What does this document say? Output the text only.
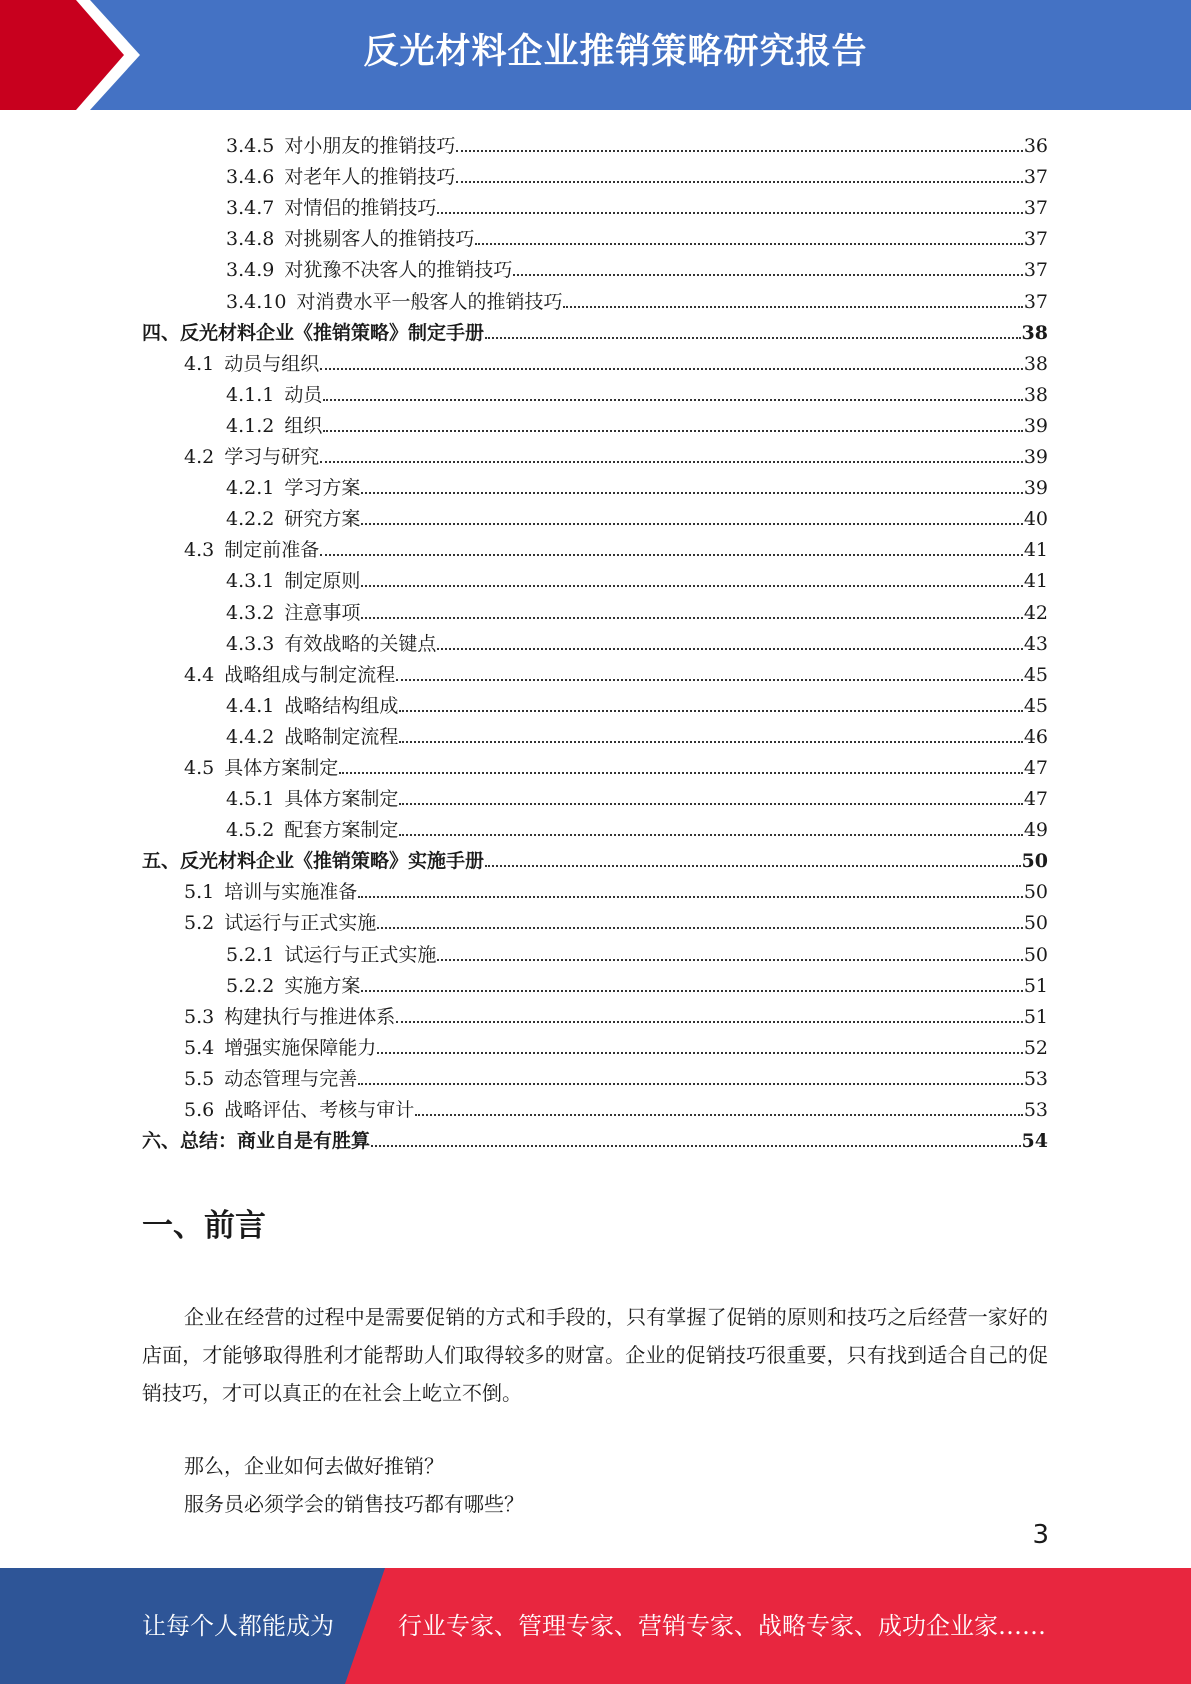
反光材料企业推销策略研究报告
3.4.5 对小朋友的推销技巧	36
3.4.6 对老年人的推销技巧	37
3.4.7 对情侣的推销技巧	37
3.4.8 对挑剔客人的推销技巧	37
3.4.9 对犹豫不决客人的推销技巧	37
3.4.10 对消费水平一般客人的推销技巧	37
四、反光材料企业《推销策略》制定手册	38
4.1 动员与组织	38
4.1.1 动员	38
4.1.2 组织	39
4.2 学习与研究	39
4.2.1 学习方案	39
4.2.2 研究方案	40
4.3 制定前准备	41
4.3.1 制定原则	41
4.3.2 注意事项	42
4.3.3 有效战略的关键点	43
4.4 战略组成与制定流程	45
4.4.1 战略结构组成	45
4.4.2 战略制定流程	46
4.5 具体方案制定	47
4.5.1 具体方案制定	47
4.5.2 配套方案制定	49
五、反光材料企业《推销策略》实施手册	50
5.1 培训与实施准备	50
5.2 试运行与正式实施	50
5.2.1 试运行与正式实施	50
5.2.2 实施方案	51
5.3 构建执行与推进体系	51
5.4 增强实施保障能力	52
5.5 动态管理与完善	53
5.6 战略评估、考核与审计	53
六、总结：商业自是有胜算	54
一、前言

企业在经营的过程中是需要促销的方式和手段的，只有掌握了促销的原则和技巧之后经营一家好的店面，才能够取得胜利才能帮助人们取得较多的财富。企业的促销技巧很重要，只有找到适合自己的促销技巧，才可以真正的在社会上屹立不倒。

那么，企业如何去做好推销？

服务员必须学会的销售技巧都有哪些？

3
让每个人都能成为	行业专家、管理专家、营销专家、战略专家、成功企业家……
